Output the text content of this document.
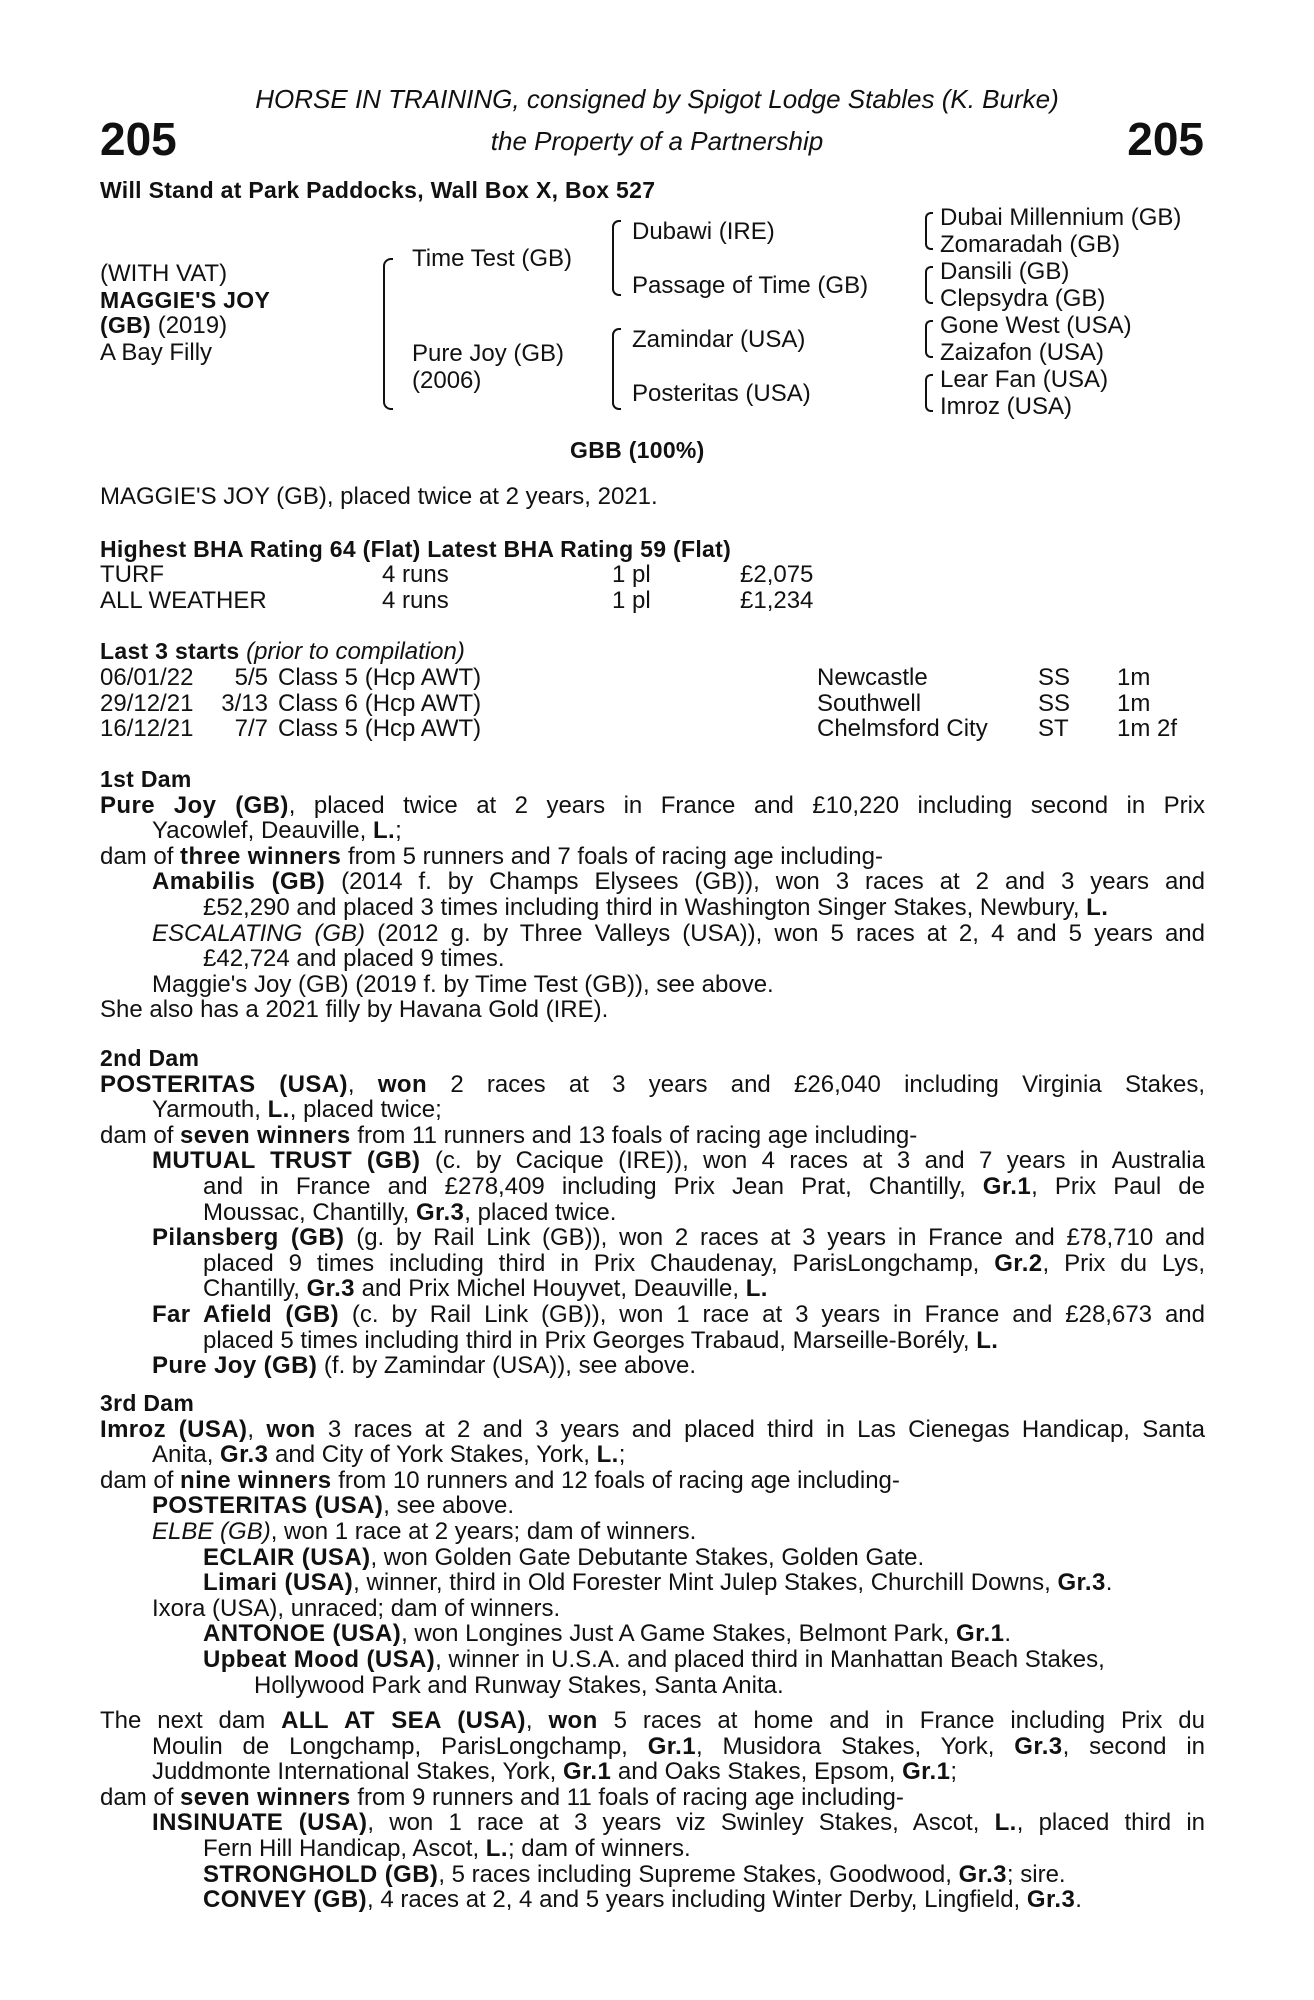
205	205
HORSE IN TRAINING, consigned by Spigot Lodge Stables (K. Burke)
the Property of a Partnership
Will Stand at Park Paddocks, Wall Box X, Box 527
(WITH VAT)
MAGGIE'S JOY
(GB) (2019)
A Bay Filly
Time Test (GB)
Pure Joy (GB)
(2006)
Dubawi (IRE)
Passage of Time (GB)
Zamindar (USA)
Posteritas (USA)
Dubai Millennium (GB)
Zomaradah (GB)
Dansili (GB)
Clepsydra (GB)
Gone West (USA)
Zaizafon (USA)
Lear Fan (USA)
Imroz (USA)
GBB (100%)
MAGGIE'S JOY (GB), placed twice at 2 years, 2021.
Highest BHA Rating 64 (Flat) Latest BHA Rating 59 (Flat)
TURF	4 runs	1 pl	£2,075
ALL WEATHER	4 runs	1 pl	£1,234
Last 3 starts (prior to compilation)
06/01/22	5/5	Class 5 (Hcp AWT)	Newcastle	SS	1m
29/12/21	3/13	Class 6 (Hcp AWT)	Southwell	SS	1m
16/12/21	7/7	Class 5 (Hcp AWT)	Chelmsford City	ST	1m 2f
1st Dam
Pure Joy (GB), placed twice at 2 years in France and £10,220 including second in Prix
Yacowlef, Deauville, L.;
dam of three winners from 5 runners and 7 foals of racing age including-
Amabilis (GB) (2014 f. by Champs Elysees (GB)), won 3 races at 2 and 3 years and
£52,290 and placed 3 times including third in Washington Singer Stakes, Newbury, L.
ESCALATING (GB) (2012 g. by Three Valleys (USA)), won 5 races at 2, 4 and 5 years and
£42,724 and placed 9 times.
Maggie's Joy (GB) (2019 f. by Time Test (GB)), see above.
She also has a 2021 filly by Havana Gold (IRE).
2nd Dam
POSTERITAS (USA), won 2 races at 3 years and £26,040 including Virginia Stakes,
Yarmouth, L., placed twice;
dam of seven winners from 11 runners and 13 foals of racing age including-
MUTUAL TRUST (GB) (c. by Cacique (IRE)), won 4 races at 3 and 7 years in Australia
and in France and £278,409 including Prix Jean Prat, Chantilly, Gr.1, Prix Paul de
Moussac, Chantilly, Gr.3, placed twice.
Pilansberg (GB) (g. by Rail Link (GB)), won 2 races at 3 years in France and £78,710 and
placed 9 times including third in Prix Chaudenay, ParisLongchamp, Gr.2, Prix du Lys,
Chantilly, Gr.3 and Prix Michel Houyvet, Deauville, L.
Far Afield (GB) (c. by Rail Link (GB)), won 1 race at 3 years in France and £28,673 and
placed 5 times including third in Prix Georges Trabaud, Marseille-Borély, L.
Pure Joy (GB) (f. by Zamindar (USA)), see above.
3rd Dam
Imroz (USA), won 3 races at 2 and 3 years and placed third in Las Cienegas Handicap, Santa
Anita, Gr.3 and City of York Stakes, York, L.;
dam of nine winners from 10 runners and 12 foals of racing age including-
POSTERITAS (USA), see above.
ELBE (GB), won 1 race at 2 years; dam of winners.
ECLAIR (USA), won Golden Gate Debutante Stakes, Golden Gate.
Limari (USA), winner, third in Old Forester Mint Julep Stakes, Churchill Downs, Gr.3.
Ixora (USA), unraced; dam of winners.
ANTONOE (USA), won Longines Just A Game Stakes, Belmont Park, Gr.1.
Upbeat Mood (USA), winner in U.S.A. and placed third in Manhattan Beach Stakes,
Hollywood Park and Runway Stakes, Santa Anita.
The next dam ALL AT SEA (USA), won 5 races at home and in France including Prix du
Moulin de Longchamp, ParisLongchamp, Gr.1, Musidora Stakes, York, Gr.3, second in
Juddmonte International Stakes, York, Gr.1 and Oaks Stakes, Epsom, Gr.1;
dam of seven winners from 9 runners and 11 foals of racing age including-
INSINUATE (USA), won 1 race at 3 years viz Swinley Stakes, Ascot, L., placed third in
Fern Hill Handicap, Ascot, L.; dam of winners.
STRONGHOLD (GB), 5 races including Supreme Stakes, Goodwood, Gr.3; sire.
CONVEY (GB), 4 races at 2, 4 and 5 years including Winter Derby, Lingfield, Gr.3.
